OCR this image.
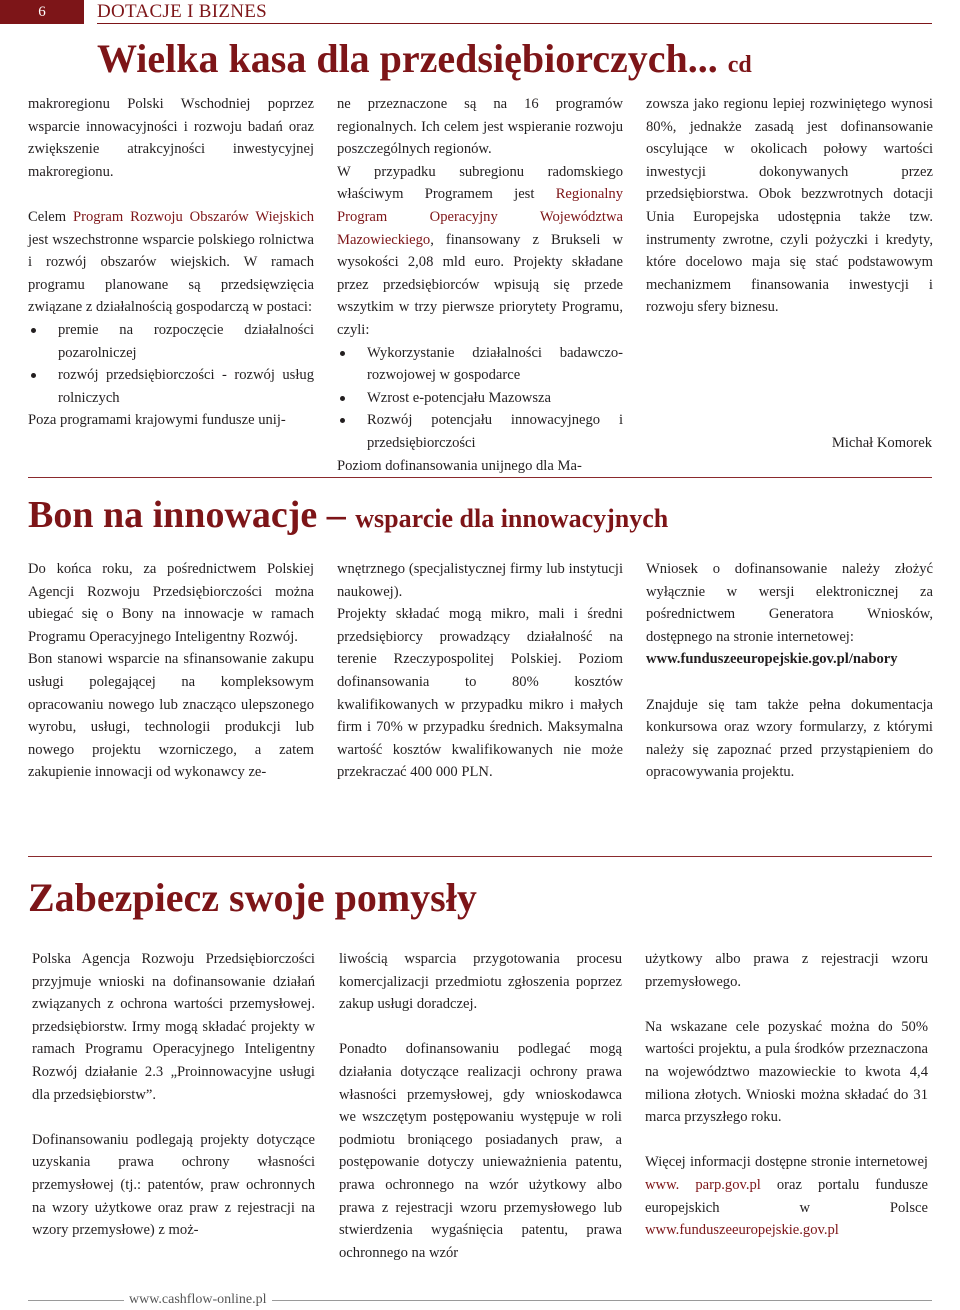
6	DOTACJE I BIZNES
Wielka kasa dla przedsiębiorczych... cd

makroregionu Polski Wschodniej poprzez wsparcie innowacyjności i rozwoju badań oraz zwiększenie atrakcyjności inwestycyjnej makroregionu.

Celem Program Rozwoju Obszarów Wiejskich jest wszechstronne wsparcie polskiego rolnictwa i rozwój obszarów wiejskich. W ramach programu planowane są przedsięwzięcia związane z działalnością gospodarczą w postaci:

premie na rozpoczęcie działalności pozarolniczej
rozwój przedsiębiorczości - rozwój usług rolniczych

Poza programami krajowymi fundusze unij-

ne przeznaczone są na 16 programów regionalnych. Ich celem jest wspieranie rozwoju poszczególnych regionów.

W przypadku subregionu radomskiego właściwym Programem jest Regionalny Program Operacyjny Województwa Mazowieckiego, finansowany z Brukseli w wysokości 2,08 mld euro. Projekty składane przez przedsiębiorców wpisują się przede wszytkim w trzy pierwsze priorytety Programu, czyli:

Wykorzystanie działalności badawczo-rozwojowej w gospodarce
Wzrost e-potencjału Mazowsza
Rozwój potencjału innowacyjnego i przedsiębiorczości

Poziom dofinansowania unijnego dla Ma-

zowsza jako regionu lepiej rozwiniętego wynosi 80%, jednakże zasadą jest dofinansowanie oscylujące w okolicach połowy wartości inwestycji dokonywanych przez przedsiębiorstwa. Obok bezzwrotnych dotacji Unia Europejska udostępnia także tzw. instrumenty zwrotne, czyli pożyczki i kredyty, które docelowo maja się stać podstawowym mechanizmem finansowania inwestycji i rozwoju sfery biznesu.

Michał Komorek
Bon na innowacje – wsparcie dla innowacyjnych

Do końca roku, za pośrednictwem Polskiej Agencji Rozwoju Przedsiębiorczości można ubiegać się o Bony na innowacje w ramach Programu Operacyjnego Inteligentny Rozwój.

Bon stanowi wsparcie na sfinansowanie zakupu usługi polegającej na kompleksowym opracowaniu nowego lub znacząco ulepszonego wyrobu, usługi, technologii produkcji lub nowego projektu wzorniczego, a zatem zakupienie innowacji od wykonawcy ze-

wnętrznego (specjalistycznej firmy lub instytucji naukowej).

Projekty składać mogą mikro, mali i średni przedsiębiorcy prowadzący działalność na terenie Rzeczypospolitej Polskiej. Poziom dofinansowania to 80% kosztów kwalifikowanych w przypadku mikro i małych firm i 70% w przypadku średnich. Maksymalna wartość kosztów kwalifikowanych nie może przekraczać 400 000 PLN.

Wniosek o dofinansowanie należy złożyć wyłącznie w wersji elektronicznej za pośrednictwem Generatora Wniosków, dostępnego na stronie internetowej:

www.funduszeeuropejskie.gov.pl/nabory

Znajduje się tam także pełna dokumentacja konkursowa oraz wzory formularzy, z którymi należy się zapoznać przed przystąpieniem do opracowywania projektu.

Zabezpiecz swoje pomysły

Polska Agencja Rozwoju Przedsiębiorczości przyjmuje wnioski na dofinansowanie działań związanych z ochrona wartości przemysłowej. przedsiębiorstw. Irmy mogą składać projekty w ramach Programu Operacyjnego Inteligentny Rozwój działanie 2.3 „Proinnowacyjne usługi dla przedsiębiorstw”.

Dofinansowaniu podlegają projekty dotyczące uzyskania prawa ochrony własności przemysłowej (tj.: patentów, praw ochronnych na wzory użytkowe oraz praw z rejestracji na wzory przemysłowe) z moż-

liwością wsparcia przygotowania procesu komercjalizacji przedmiotu zgłoszenia poprzez zakup usługi doradczej.

Ponadto dofinansowaniu podlegać mogą działania dotyczące realizacji ochrony prawa własności przemysłowej, gdy wnioskodawca we wszczętym postępowaniu występuje w roli podmiotu broniącego posiadanych praw, a postępowanie dotyczy unieważnienia patentu, prawa ochronnego na wzór użytkowy albo prawa z rejestracji wzoru przemysłowego lub stwierdzenia wygaśnięcia patentu, prawa ochronnego na wzór

użytkowy albo prawa z rejestracji wzoru przemysłowego.

Na wskazane cele pozyskać można do 50% wartości projektu, a pula środków przeznaczona na województwo mazowieckie to kwota 4,4 miliona złotych. Wnioski można składać do 31 marca przyszłego roku.

Więcej informacji dostępne stronie internetowej www. parp.gov.pl oraz portalu fundusze europejskich w Polsce www.funduszeeuropejskie.gov.pl

www.cashflow-online.pl
